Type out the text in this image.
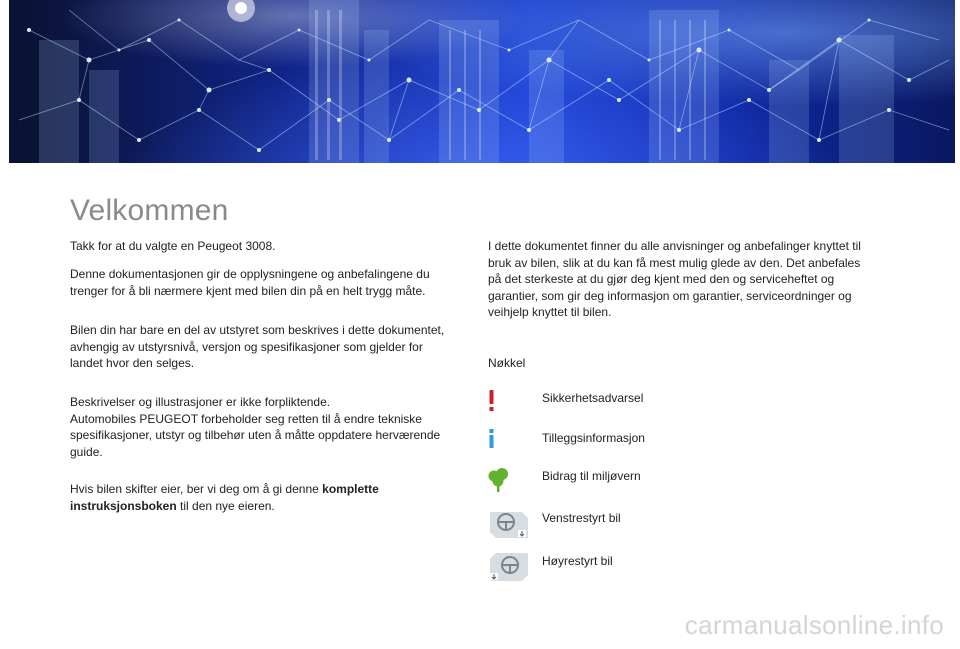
Velkommen

Takk for at du valgte en Peugeot 3008.

Denne dokumentasjonen gir de opplysningene og anbefalingene du trenger for å bli nærmere kjent med bilen din på en helt trygg måte.

Bilen din har bare en del av utstyret som beskrives i dette dokumentet, avhengig av utstyrsnivå, versjon og spesifikasjoner som gjelder for landet hvor den selges.

Beskrivelser og illustrasjoner er ikke forpliktende.

Automobiles PEUGEOT forbeholder seg retten til å endre tekniske spesifikasjoner, utstyr og tilbehør uten å måtte oppdatere herværende guide.

Hvis bilen skifter eier, ber vi deg om å gi denne komplette instruksjonsboken til den nye eieren.

I dette dokumentet finner du alle anvisninger og anbefalinger knyttet til bruk av bilen, slik at du kan få mest mulig glede av den. Det anbefales på det sterkeste at du gjør deg kjent med den og serviceheftet og garantier, som gir deg informasjon om garantier, serviceordninger og veihjelp knyttet til bilen.

Nøkkel
Sikkerhetsadvarsel
Tilleggsinformasjon
Bidrag til miljøvern
Venstrestyrt bil
Høyrestyrt bil
carmanualsonline.info
